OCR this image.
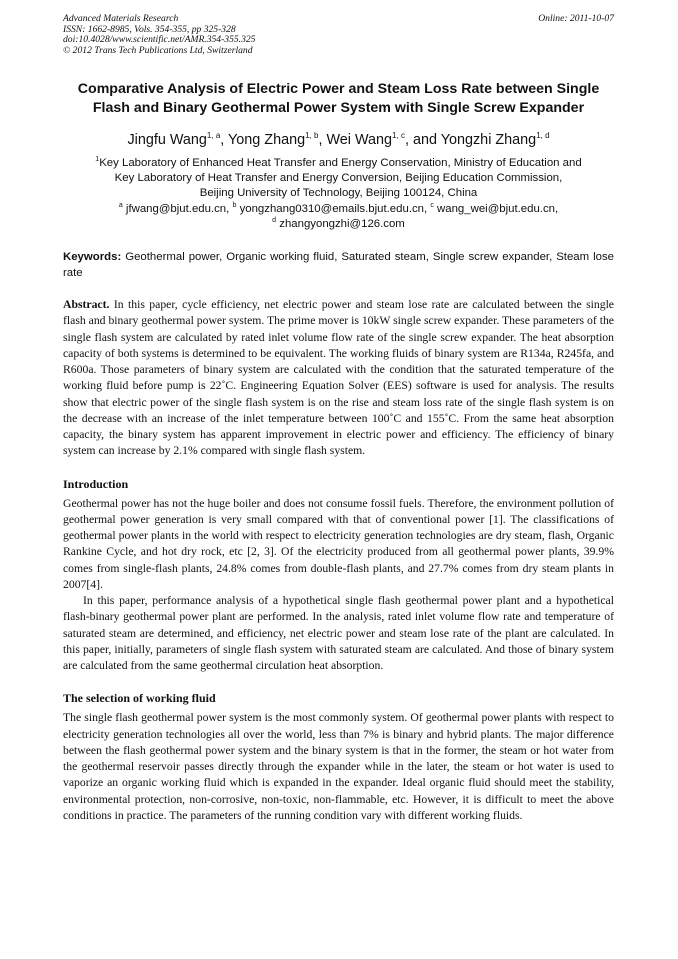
Advanced Materials Research
ISSN: 1662-8985, Vols. 354-355, pp 325-328
doi:10.4028/www.scientific.net/AMR.354-355.325
© 2012 Trans Tech Publications Ltd, Switzerland
Online: 2011-10-07
Comparative Analysis of Electric Power and Steam Loss Rate between Single Flash and Binary Geothermal Power System with Single Screw Expander
Jingfu Wang$^{1, a}$, Yong Zhang$^{1, b}$, Wei Wang$^{1, c}$, and Yongzhi Zhang$^{1, d}$
$^1$Key Laboratory of Enhanced Heat Transfer and Energy Conservation, Ministry of Education and
Key Laboratory of Heat Transfer and Energy Conversion, Beijing Education Commission,
Beijing University of Technology, Beijing 100124, China
$^a$ jfwang@bjut.edu.cn, $^b$ yongzhang0310@emails.bjut.edu.cn, $^c$ wang_wei@bjut.edu.cn,
$^d$ zhangyongzhi@126.com
Keywords: Geothermal power, Organic working fluid, Saturated steam, Single screw expander, Steam lose rate
Abstract. In this paper, cycle efficiency, net electric power and steam lose rate are calculated between the single flash and binary geothermal power system. The prime mover is 10kW single screw expander. These parameters of the single flash system are calculated by rated inlet volume flow rate of the single screw expander. The heat absorption capacity of both systems is determined to be equivalent. The working fluids of binary system are R134a, R245fa, and R600a. Those parameters of binary system are calculated with the condition that the saturated temperature of the working fluid before pump is 22˚C. Engineering Equation Solver (EES) software is used for analysis. The results show that electric power of the single flash system is on the rise and steam loss rate of the single flash system is on the decrease with an increase of the inlet temperature between 100˚C and 155˚C. From the same heat absorption capacity, the binary system has apparent improvement in electric power and efficiency. The efficiency of binary system can increase by 2.1% compared with single flash system.
Introduction
Geothermal power has not the huge boiler and does not consume fossil fuels. Therefore, the environment pollution of geothermal power generation is very small compared with that of conventional power [1]. The classifications of geothermal power plants in the world with respect to electricity generation technologies are dry steam, flash, Organic Rankine Cycle, and hot dry rock, etc [2, 3]. Of the electricity produced from all geothermal power plants, 39.9% comes from single-flash plants, 24.8% comes from double-flash plants, and 27.7% comes from dry steam plants in 2007[4].
In this paper, performance analysis of a hypothetical single flash geothermal power plant and a hypothetical flash-binary geothermal power plant are performed. In the analysis, rated inlet volume flow rate and temperature of saturated steam are determined, and efficiency, net electric power and steam lose rate of the plant are calculated. In this paper, initially, parameters of single flash system with saturated steam are calculated. And those of binary system are calculated from the same geothermal circulation heat absorption.
The selection of working fluid
The single flash geothermal power system is the most commonly system. Of geothermal power plants with respect to electricity generation technologies all over the world, less than 7% is binary and hybrid plants. The major difference between the flash geothermal power system and the binary system is that in the former, the steam or hot water from the geothermal reservoir passes directly through the expander while in the later, the steam or hot water is used to vaporize an organic working fluid which is expanded in the expander. Ideal organic fluid should meet the stability, environmental protection, non-corrosive, non-toxic, non-flammable, etc. However, it is difficult to meet the above conditions in practice. The parameters of the running condition vary with different working fluids.
